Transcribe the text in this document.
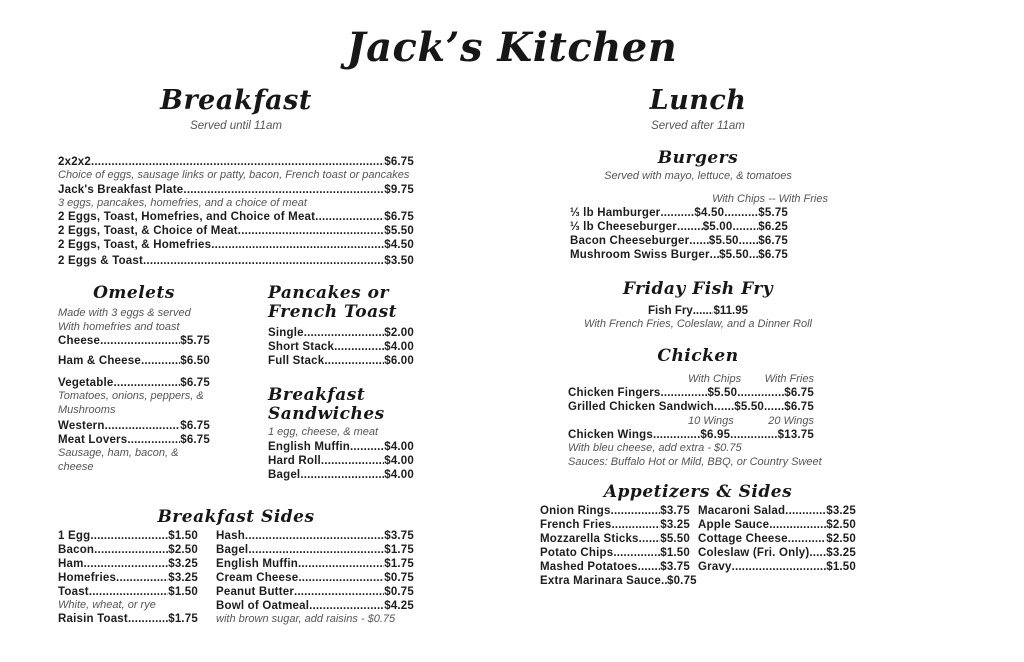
Jack’s Kitchen
Breakfast
Served until 11am
2x2x2 .....	$6.75
Choice of eggs, sausage links or patty, bacon, French toast or pancakes
Jack's Breakfast Plate .....	$9.75
3 eggs, pancakes, homefries, and a choice of meat
2 Eggs, Toast, Homefries, and Choice of Meat .....	$6.75
2 Eggs, Toast, & Choice of Meat .....	$5.50
2 Eggs, Toast, & Homefries .....	$4.50
2 Eggs & Toast .....	$3.50
Omelets
Made with 3 eggs & served
With homefries and toast
Cheese .....	$5.75
Ham & Cheese .....	$6.50
Vegetable .....	$6.75
Tomatoes, onions, peppers, &
Mushrooms
Western .....	$6.75
Meat Lovers .....	$6.75
Sausage, ham, bacon, & cheese
Pancakes or French Toast
Single .....	$2.00
Short Stack .....	$4.00
Full Stack .....	$6.00
Breakfast Sandwiches
1 egg, cheese, & meat
English Muffin .....	$4.00
Hard Roll .....	$4.00
Bagel .....	$4.00
Breakfast Sides
1 Egg .....	$1.50
Bacon .....	$2.50
Ham .....	$3.25
Homefries .....	$3.25
Toast .....	$1.50
White, wheat, or rye
Raisin Toast .....	$1.75
Hash .....	$3.75
Bagel .....	$1.75
English Muffin .....	$1.75
Cream Cheese .....	$0.75
Peanut Butter .....	$0.75
Bowl of Oatmeal .....	$4.25
with brown sugar, add raisins - $0.75
Lunch
Served after 11am
Burgers
Served with mayo, lettuce, & tomatoes
With Chips -- With Fries
⅓ lb Hamburger .....	$4.50 .....	$5.75
⅓ lb Cheeseburger ..... $5.00 ..... $6.25
Bacon Cheeseburger ..... $5.50 ..... $6.75
Mushroom Swiss Burger ..... $5.50 ..... $6.75
Friday Fish Fry
Fish Fry ..... $11.95
With French Fries, Coleslaw, and a Dinner Roll
Chicken
With Chips With Fries
Chicken Fingers .....	$5.50 .....	$6.75
Grilled Chicken Sandwich ..... $5.50 ..... $6.75
10 Wings	20 Wings
Chicken Wings .....	$6.95 .....	$13.75
With bleu cheese, add extra - $0.75
Sauces: Buffalo Hot or Mild, BBQ, or Country Sweet
Appetizers & Sides
Onion Rings .....	$3.75
French Fries .....	$3.25
Mozzarella Sticks ..... $5.50
Potato Chips .....	$1.50
Mashed Potatoes ..... $3.75
Extra Marinara Sauce ..... $0.75
Macaroni Salad .....	$3.25
Apple Sauce .....	$2.50
Cottage Cheese .....	$2.50
Coleslaw (Fri. Only) ..... $3.25
Gravy .....	$1.50
